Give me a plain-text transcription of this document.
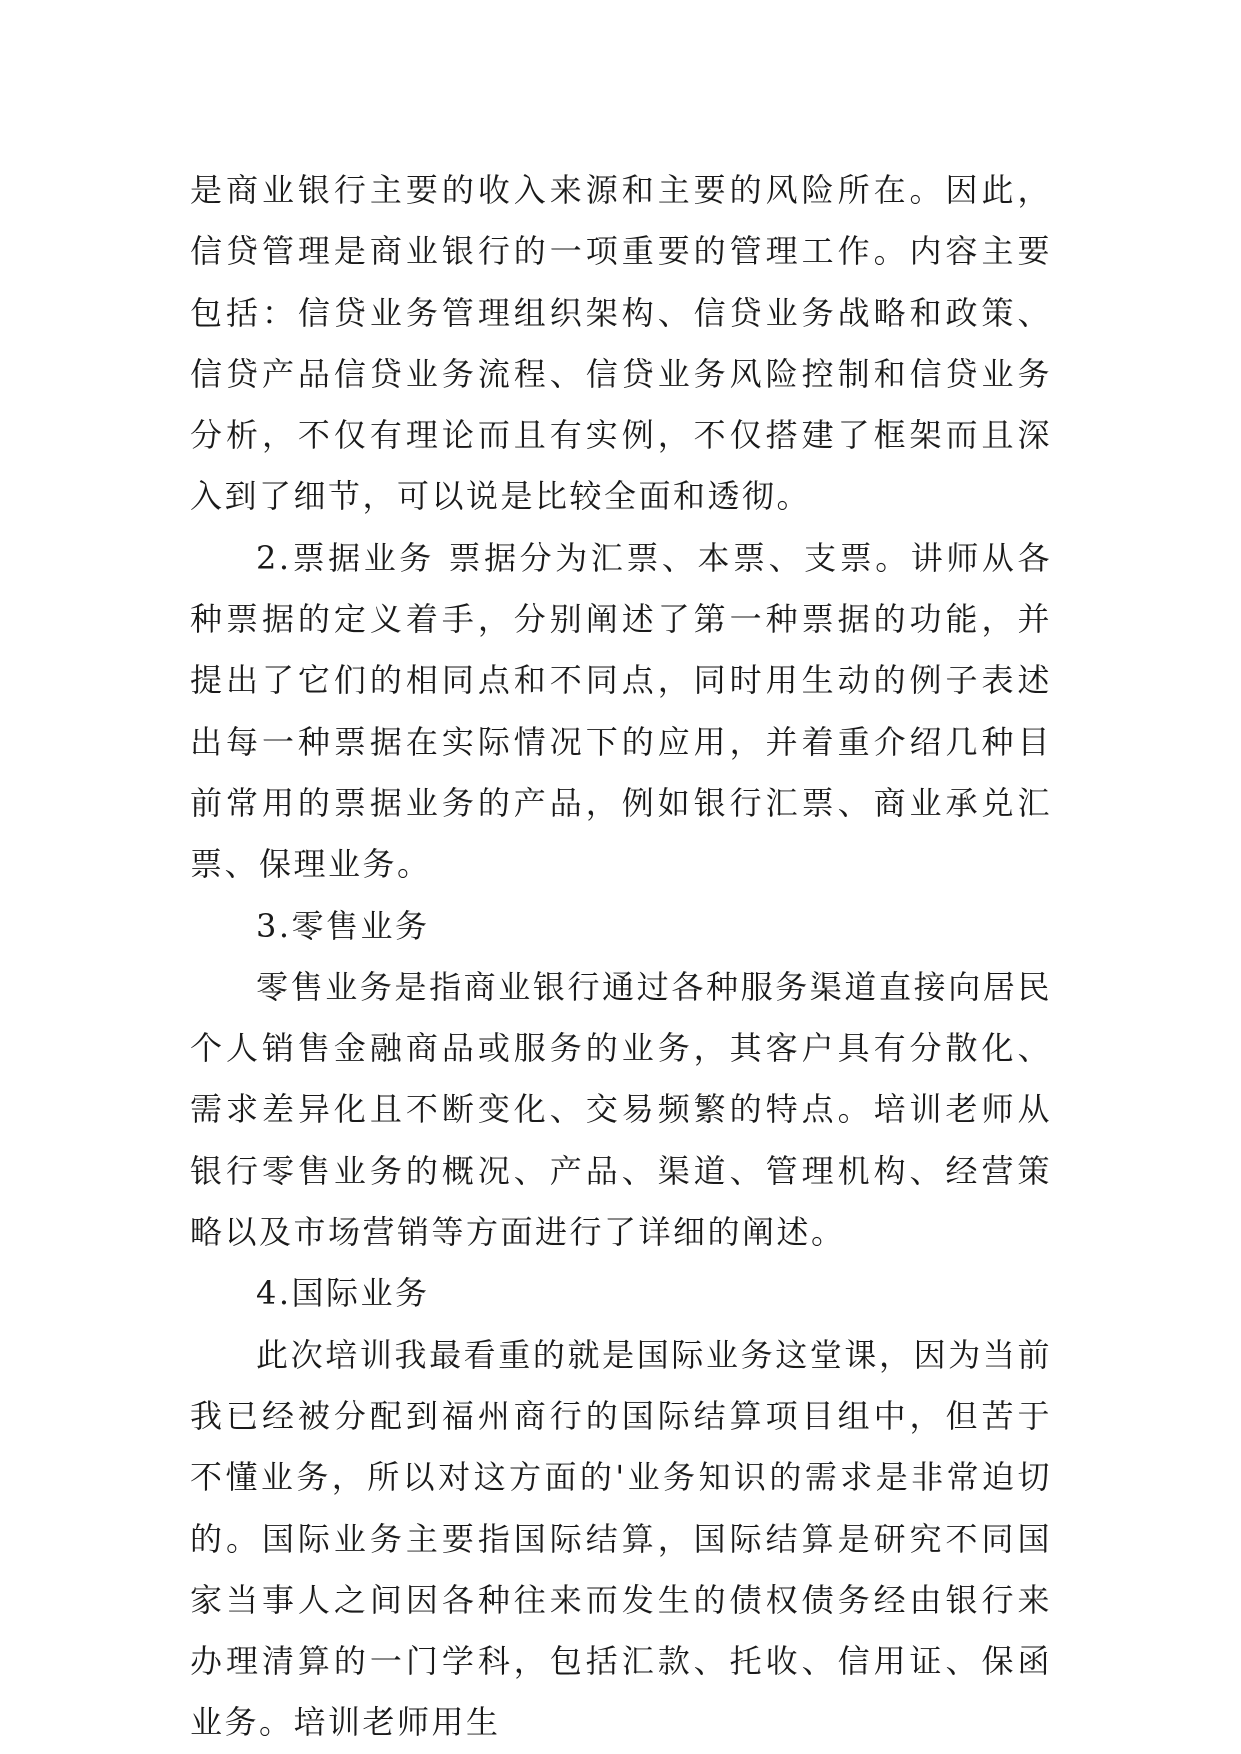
是商业银行主要的收入来源和主要的风险所在。因此，信贷管理是商业银行的一项重要的管理工作。内容主要包括：信贷业务管理组织架构、信贷业务战略和政策、信贷产品信贷业务流程、信贷业务风险控制和信贷业务分析，不仅有理论而且有实例，不仅搭建了框架而且深入到了细节，可以说是比较全面和透彻。

2.票据业务 票据分为汇票、本票、支票。讲师从各种票据的定义着手，分别阐述了第一种票据的功能，并提出了它们的相同点和不同点，同时用生动的例子表述出每一种票据在实际情况下的应用，并着重介绍几种目前常用的票据业务的产品，例如银行汇票、商业承兑汇票、保理业务。

3.零售业务

零售业务是指商业银行通过各种服务渠道直接向居民个人销售金融商品或服务的业务，其客户具有分散化、需求差异化且不断变化、交易频繁的特点。培训老师从银行零售业务的概况、产品、渠道、管理机构、经营策略以及市场营销等方面进行了详细的阐述。

4.国际业务

此次培训我最看重的就是国际业务这堂课，因为当前我已经被分配到福州商行的国际结算项目组中，但苦于不懂业务，所以对这方面的'业务知识的需求是非常迫切的。国际业务主要指国际结算，国际结算是研究不同国家当事人之间因各种往来而发生的债权债务经由银行来办理清算的一门学科，包括汇款、托收、信用证、保函业务。培训老师用生
